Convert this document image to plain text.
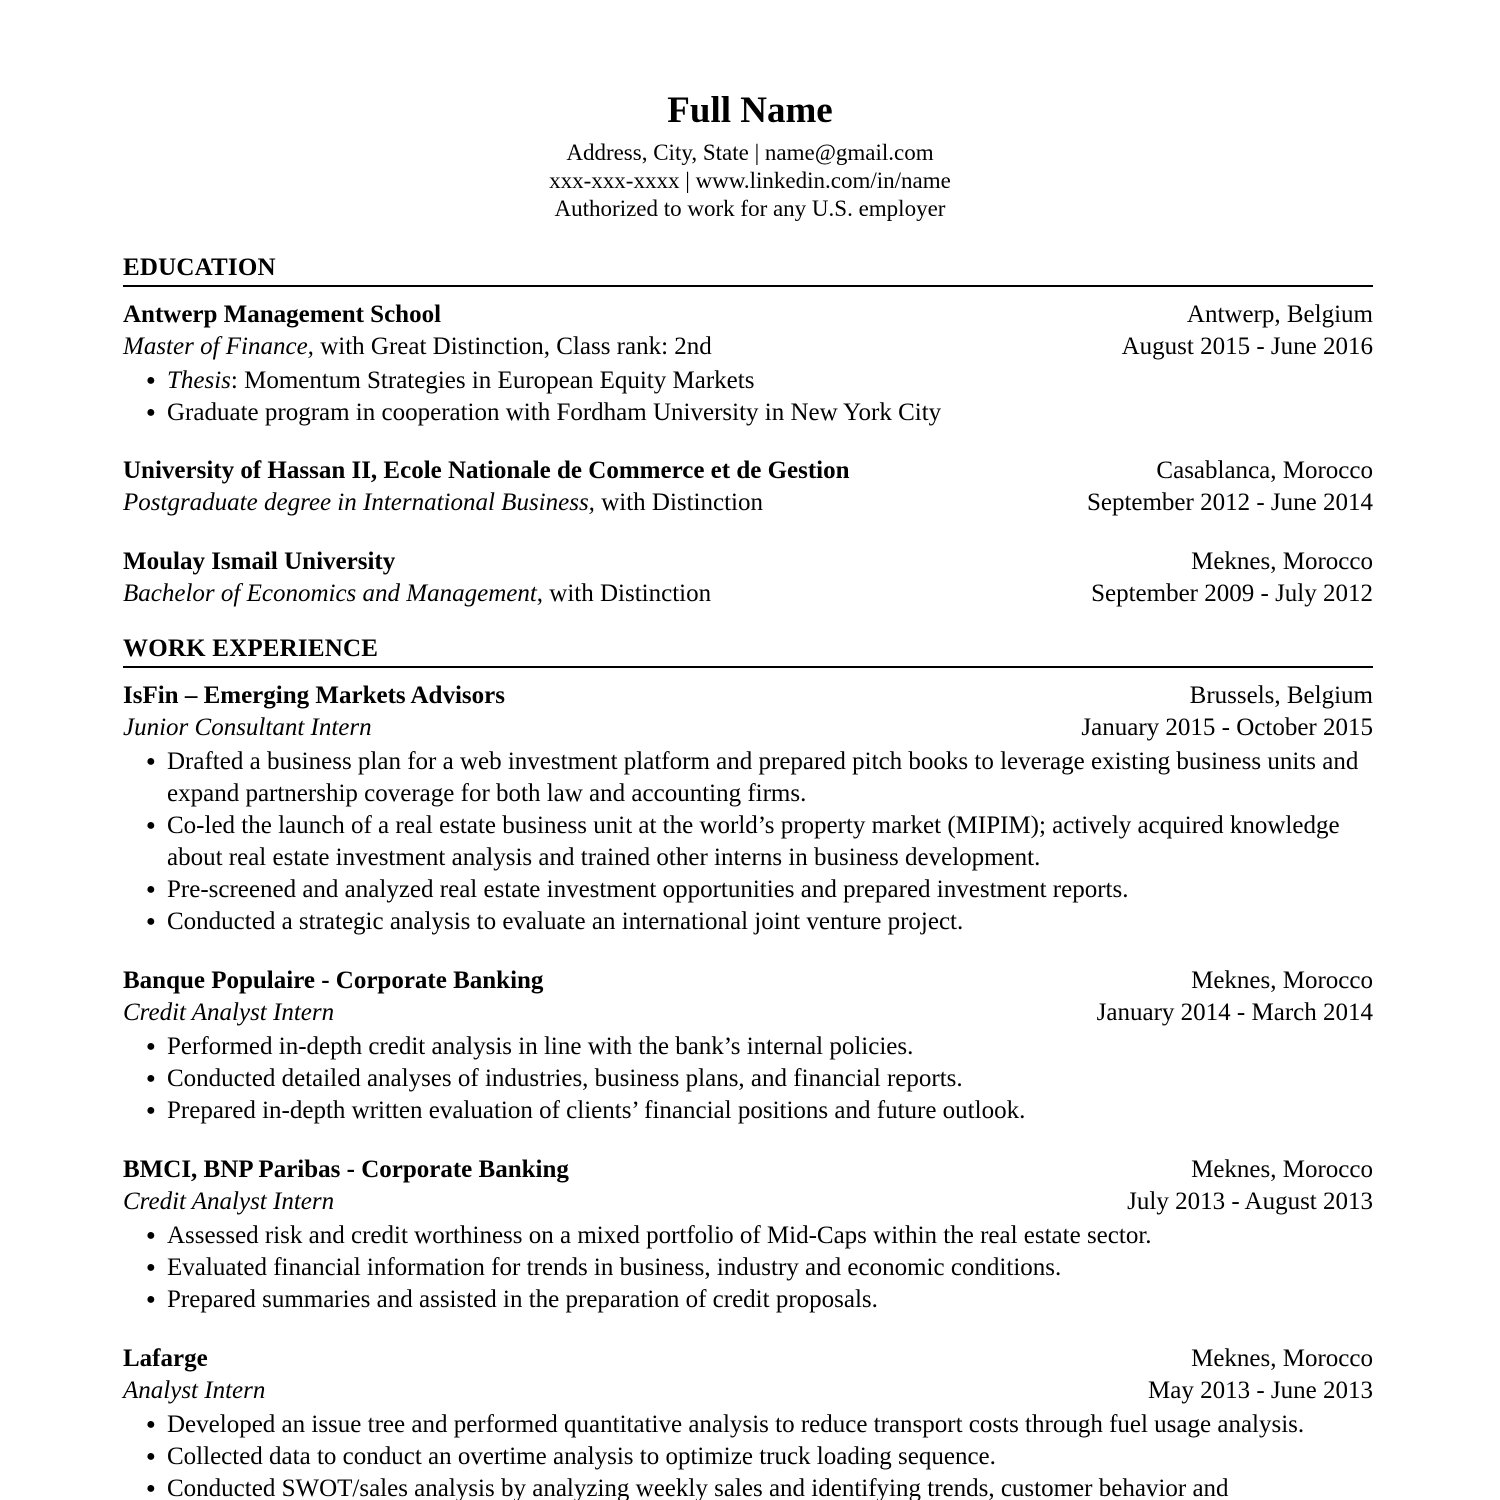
Full Name
Address, City, State | name@gmail.com
xxx-xxx-xxxx | www.linkedin.com/in/name
Authorized to work for any U.S. employer
EDUCATION
Antwerp Management School	Antwerp, Belgium
Master of Finance, with Great Distinction, Class rank: 2nd	August 2015 - June 2016
● Thesis: Momentum Strategies in European Equity Markets
● Graduate program in cooperation with Fordham University in New York City
University of Hassan II, Ecole Nationale de Commerce et de Gestion	Casablanca, Morocco
Postgraduate degree in International Business, with Distinction	September 2012 - June 2014
Moulay Ismail University	Meknes, Morocco
Bachelor of Economics and Management, with Distinction	September 2009 - July 2012
WORK EXPERIENCE
IsFin – Emerging Markets Advisors	Brussels, Belgium
Junior Consultant Intern	January 2015 - October 2015
● Drafted a business plan for a web investment platform and prepared pitch books to leverage existing business units and expand partnership coverage for both law and accounting firms.
● Co-led the launch of a real estate business unit at the world’s property market (MIPIM); actively acquired knowledge about real estate investment analysis and trained other interns in business development.
● Pre-screened and analyzed real estate investment opportunities and prepared investment reports.
● Conducted a strategic analysis to evaluate an international joint venture project.
Banque Populaire - Corporate Banking	Meknes, Morocco
Credit Analyst Intern	January 2014 - March 2014
● Performed in-depth credit analysis in line with the bank’s internal policies.
● Conducted detailed analyses of industries, business plans, and financial reports.
● Prepared in-depth written evaluation of clients’ financial positions and future outlook.
BMCI, BNP Paribas - Corporate Banking	Meknes, Morocco
Credit Analyst Intern	July 2013 - August 2013
● Assessed risk and credit worthiness on a mixed portfolio of Mid-Caps within the real estate sector.
● Evaluated financial information for trends in business, industry and economic conditions.
● Prepared summaries and assisted in the preparation of credit proposals.
Lafarge	Meknes, Morocco
Analyst Intern	May 2013 - June 2013
● Developed an issue tree and performed quantitative analysis to reduce transport costs through fuel usage analysis.
● Collected data to conduct an overtime analysis to optimize truck loading sequence.
● Conducted SWOT/sales analysis by analyzing weekly sales and identifying trends, customer behavior and
